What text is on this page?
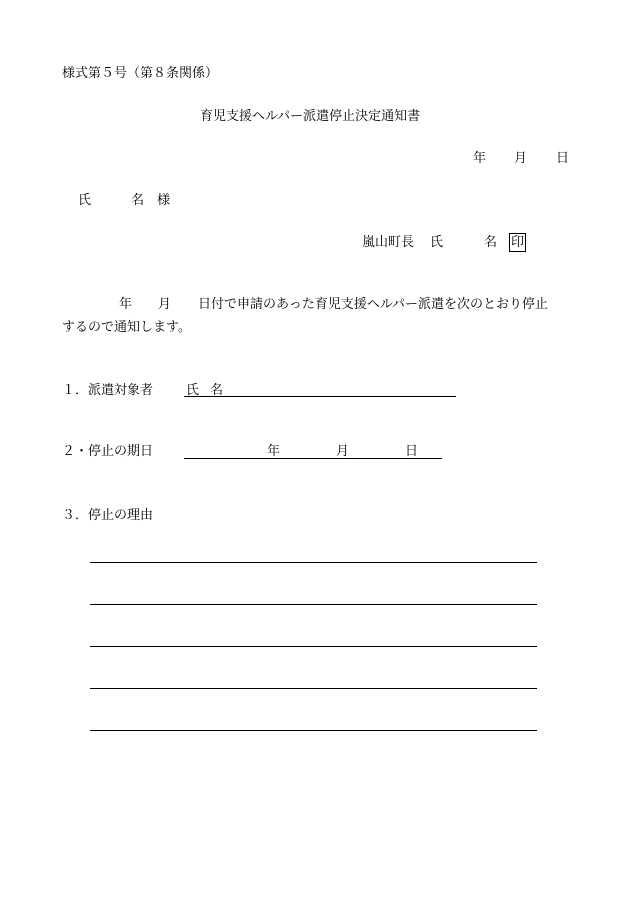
様式第５号（第８条関係）
育児支援ヘルパー派遣停止決定通知書
年 月 日
氏	名 様
嵐山町長 氏	名 印
年 月 日付で申請のあった育児支援ヘルパー派遣を次のとおり停止
するので通知します。
１．派遣対象者	氏 名
２・停止の期日	年	月	日
３．停止の理由
